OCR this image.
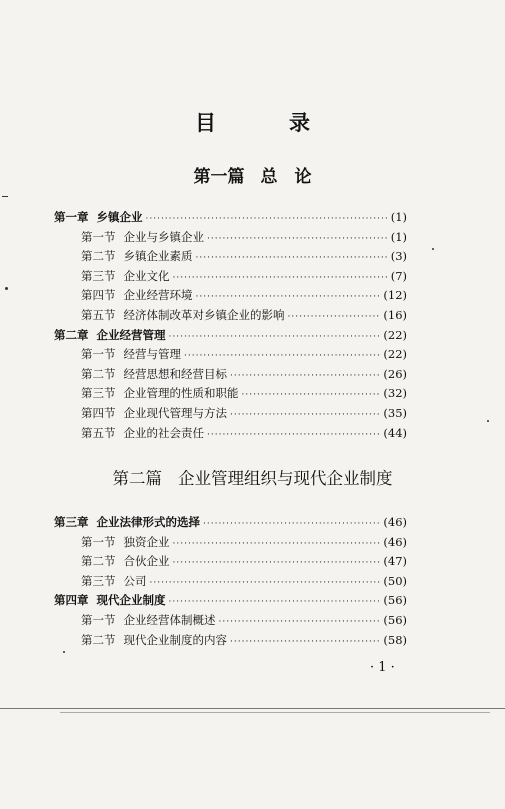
目　录
第一篇 总　论
第一章 乡镇企业 ·····	(1)
第一节 企业与乡镇企业 ·····	(1)
第二节 乡镇企业素质 ·····	(3)
第三节 企业文化 ·····	(7)
第四节 企业经营环境 ·····	(12)
第五节 经济体制改革对乡镇企业的影响 ·····	(16)
第二章 企业经营管理 ·····	(22)
第一节 经营与管理 ·····	(22)
第二节 经营思想和经营目标 ·····	(26)
第三节 企业管理的性质和职能 ·····	(32)
第四节 企业现代管理与方法 ·····	(35)
第五节 企业的社会责任 ·····	(44)
第二篇 企业管理组织与现代企业制度
第三章 企业法律形式的选择 ·····	(46)
第一节 独资企业 ·····	(46)
第二节 合伙企业 ·····	(47)
第三节 公司 ·····	(50)
第四章 现代企业制度 ·····	(56)
第一节 企业经营体制概述 ·····	(56)
第二节 现代企业制度的内容 ·····	(58)
· 1 ·
